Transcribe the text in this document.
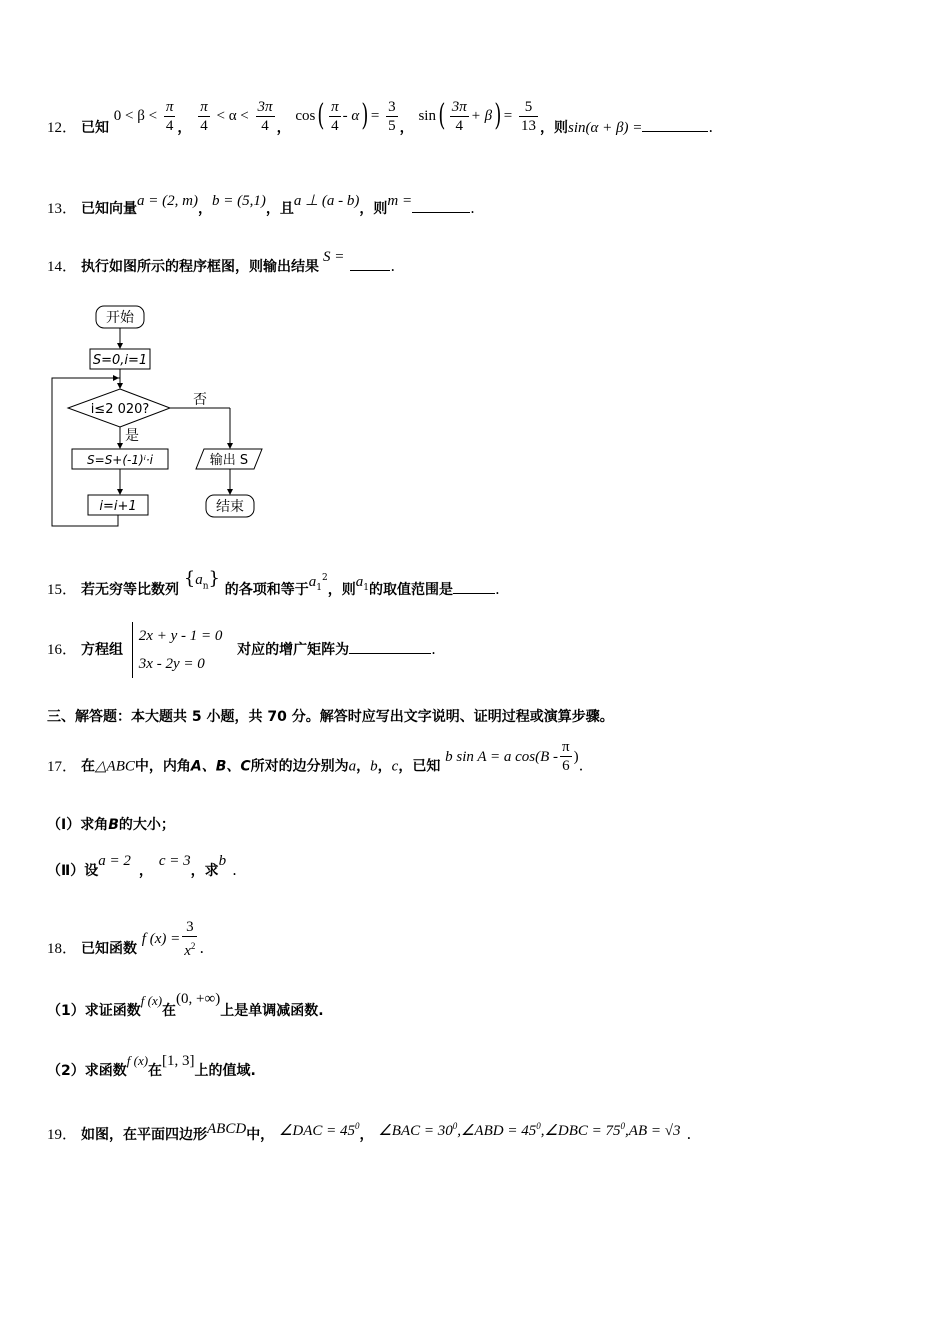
12． 已知 $0 < \beta < \frac{\pi}{4}$ ， $\frac{\pi}{4} < \alpha < \frac{3\pi}{4}$ ， $\cos( \frac{\pi}{4} - \alpha) = \frac{3}{5}$ ， $\sin( \frac{3\pi}{4} + \beta) = \frac{5}{13}$ ，则sin(α + β) =	.
13． 已知向量a = (2, m)，b = (5,1)，且a ⊥ (a - b)，则m =	.
14． 执行如图所示的程序框图，则输出结果S =	.
开始
S=0,i=1
i≤2 020?
否
是
S=S+(-1)ⁱ·i
i=i+1
输出 S
结束
15． 若无穷等比数列 $\{a_n\}$ 的各项和等于$a_1^2$，则$a_1$的取值范围是	.
16． 方程组
2x + y - 1 = 0
3x - 2y = 0
对应的增广矩阵为	.
三、解答题：本大题共 5 小题，共 70 分。解答时应写出文字说明、证明过程或演算步骤。
17． 在△ABC中，内角A、B、C所对的边分别为a，b，c，已知 b sin A = a $\cos(B - \frac{\pi}{6}$ ).
（Ⅰ）求角B的大小；
（Ⅱ）设a = 2，c = 3，求b .
18． 已知函数 f $(x) = \frac{3}{x^2}$ .
（1）求证函数f (x)在(0, +∞)上是单调减函数.
（2）求函数f (x)在[1, 3]上的值域.
19． 如图，在平面四边形ABCD中， ∠DAC = $45^0$， ∠BAC = $30^0,\angle ABD$ = $45^0,\angle DBC = 75^0,AB = √3$ .
